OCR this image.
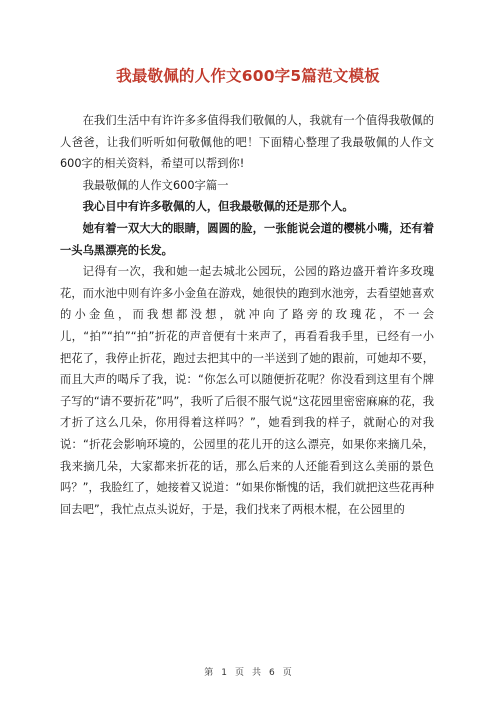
我最敬佩的人作文600字5篇范文模板

在我们生活中有许许多多值得我们敬佩的人，我就有一个值得我敬佩的人爸爸，让我们听听如何敬佩他的吧！下面精心整理了我最敬佩的人作文600字的相关资料，希望可以帮到你!

我最敬佩的人作文600字篇一

我心目中有许多敬佩的人，但我最敬佩的还是那个人。

她有着一双大大的眼睛，圆圆的脸，一张能说会道的樱桃小嘴，还有着一头乌黑漂亮的长发。

记得有一次，我和她一起去城北公园玩，公园的路边盛开着许多玫瑰花，而水池中则有许多小金鱼在游戏，她很快的跑到水池旁，去看望她喜欢的小金鱼，而我想都没想，就冲向了路旁的玫瑰花，不一会儿，“拍”“拍”“拍”折花的声音便有十来声了，再看看我手里，已经有一小把花了，我停止折花，跑过去把其中的一半送到了她的跟前，可她却不要，而且大声的喝斥了我，说：“你怎么可以随便折花呢？你没看到这里有个牌子写的“请不要折花”吗”，我听了后很不服气说“这花园里密密麻麻的花，我才折了这么几朵，你用得着这样吗？”，她看到我的样子，就耐心的对我说：“折花会影响环境的，公园里的花儿开的这么漂亮，如果你来摘几朵，我来摘几朵，大家都来折花的话，那么后来的人还能看到这么美丽的景色吗？”，我脸红了，她接着又说道：“如果你惭愧的话，我们就把这些花再种回去吧”，我忙点点头说好，于是，我们找来了两根木棍，在公园里的

第 1 页 共 6 页
